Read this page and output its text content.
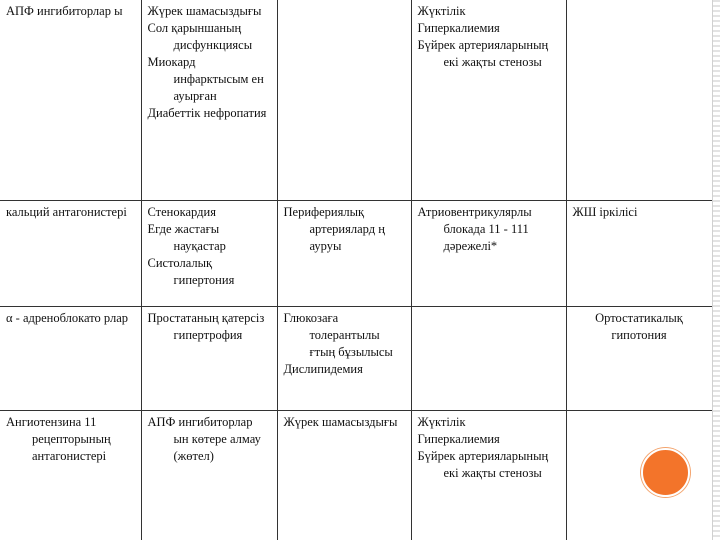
АПФ ингибиторлар ы	Жүрек шамасыздығы
Сол қарыншаның дисфункциясы
Миокард инфарктысым ен ауырған
Диабеттік нефропатия		Жүктілік
Гиперкалиемия
Бүйрек артерияларының екі жақты стенозы	

кальций антагонистері	Стенокардия
Егде жастағы науқастар
Систолалық гипертония	Перифериялық артериялард ң ауруы	Атриовентрикулярлы блокада 11 - 111 дәрежелі*	ЖШ іркілісі

α - адреноблокато рлар	Простатаның қатерсіз гипертрофия	Глюкозаға толерантылы ғтың бұзылысы
Дислипидемия		Ортостатикалық гипотония

Ангиотензина 11 рецепторының антагонистері	АПФ ингибиторлар ын көтере алмау (жөтел)	Жүрек шамасыздығы	Жүктілік
Гиперкалиемия
Бүйрек артерияларының екі жақты стенозы	
